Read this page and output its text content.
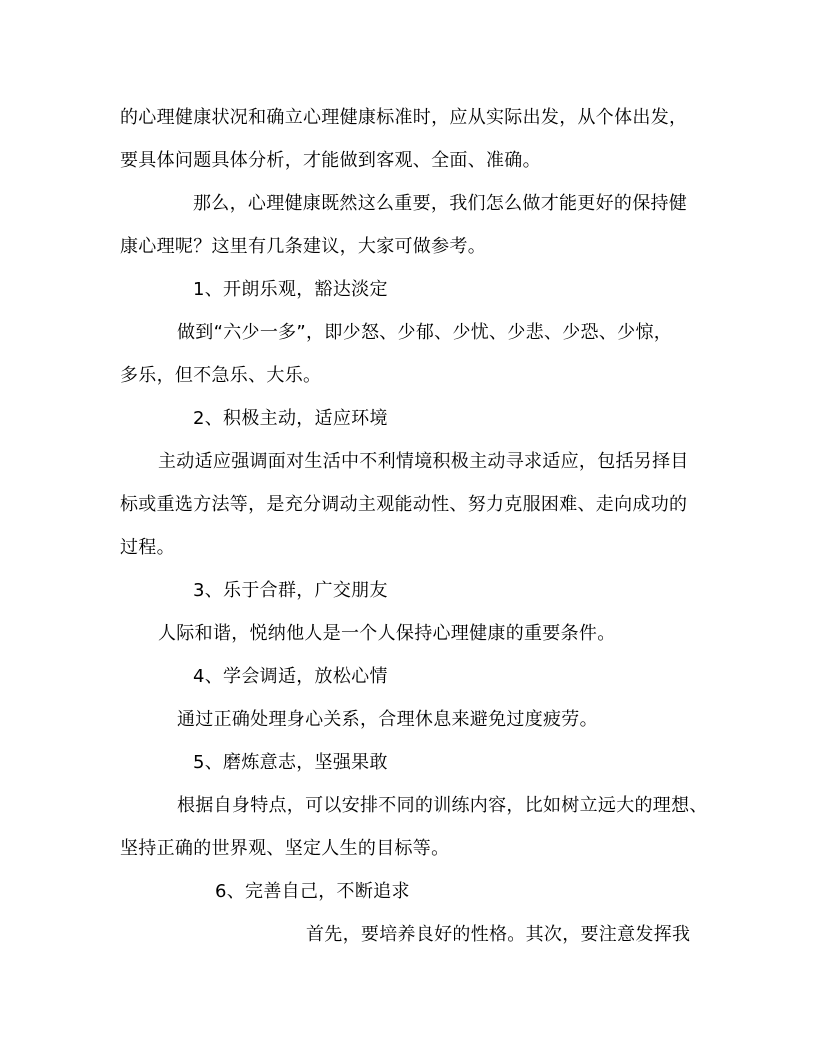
的心理健康状况和确立心理健康标准时，应从实际出发，从个体出发，
要具体问题具体分析，才能做到客观、全面、准确。
那么，心理健康既然这么重要，我们怎么做才能更好的保持健
康心理呢？这里有几条建议，大家可做参考。
1、开朗乐观，豁达淡定
做到“六少一多”，即少怒、少郁、少忧、少悲、少恐、少惊，
多乐，但不急乐、大乐。
2、积极主动，适应环境
主动适应强调面对生活中不利情境积极主动寻求适应，包括另择目
标或重选方法等，是充分调动主观能动性、努力克服困难、走向成功的
过程。
3、乐于合群，广交朋友
人际和谐，悦纳他人是一个人保持心理健康的重要条件。
4、学会调适，放松心情
通过正确处理身心关系，合理休息来避免过度疲劳。
5、磨炼意志，坚强果敢
根据自身特点，可以安排不同的训练内容，比如树立远大的理想、
坚持正确的世界观、坚定人生的目标等。
6、完善自己，不断追求
首先，要培养良好的性格。其次，要注意发挥我
